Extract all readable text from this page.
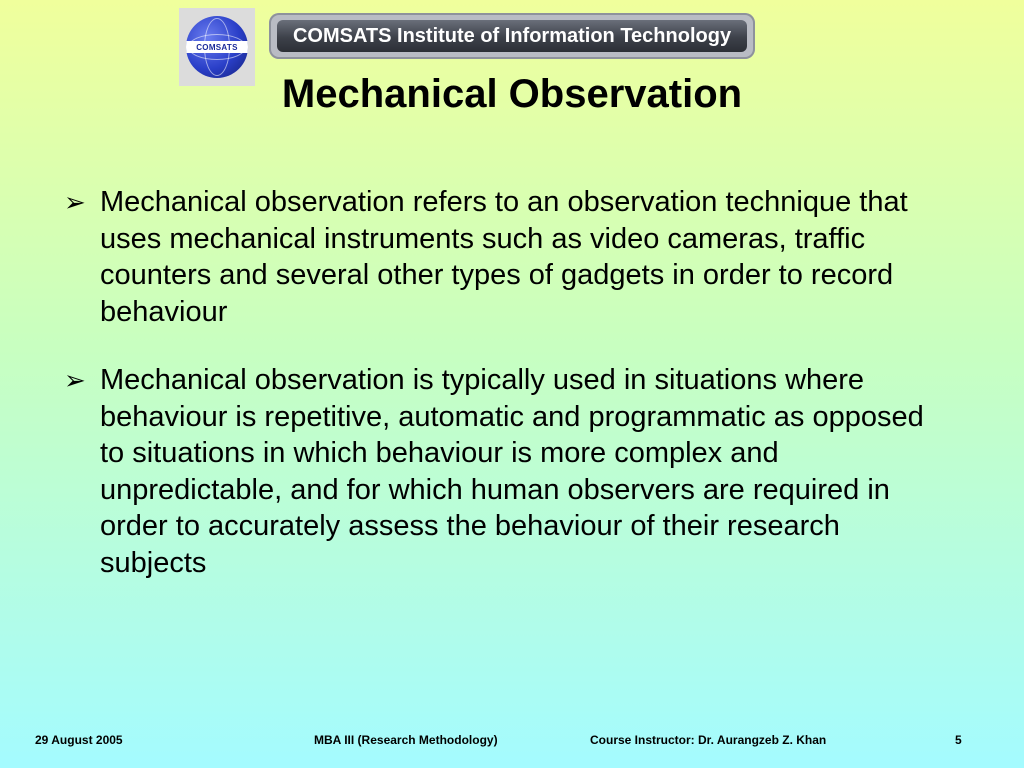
COMSATS
COMSATS Institute of Information Technology
Mechanical Observation
➢ Mechanical observation refers to an observation technique that uses mechanical instruments such as video cameras, traffic counters and several other types of gadgets in order to record behaviour
➢ Mechanical observation is typically used in situations where behaviour is repetitive, automatic and programmatic as opposed to situations in which behaviour is more complex and unpredictable, and for which human observers are required in order to accurately assess the behaviour of their research subjects
29 August 2005	MBA III (Research Methodology)	Course Instructor: Dr. Aurangzeb Z. Khan	5
